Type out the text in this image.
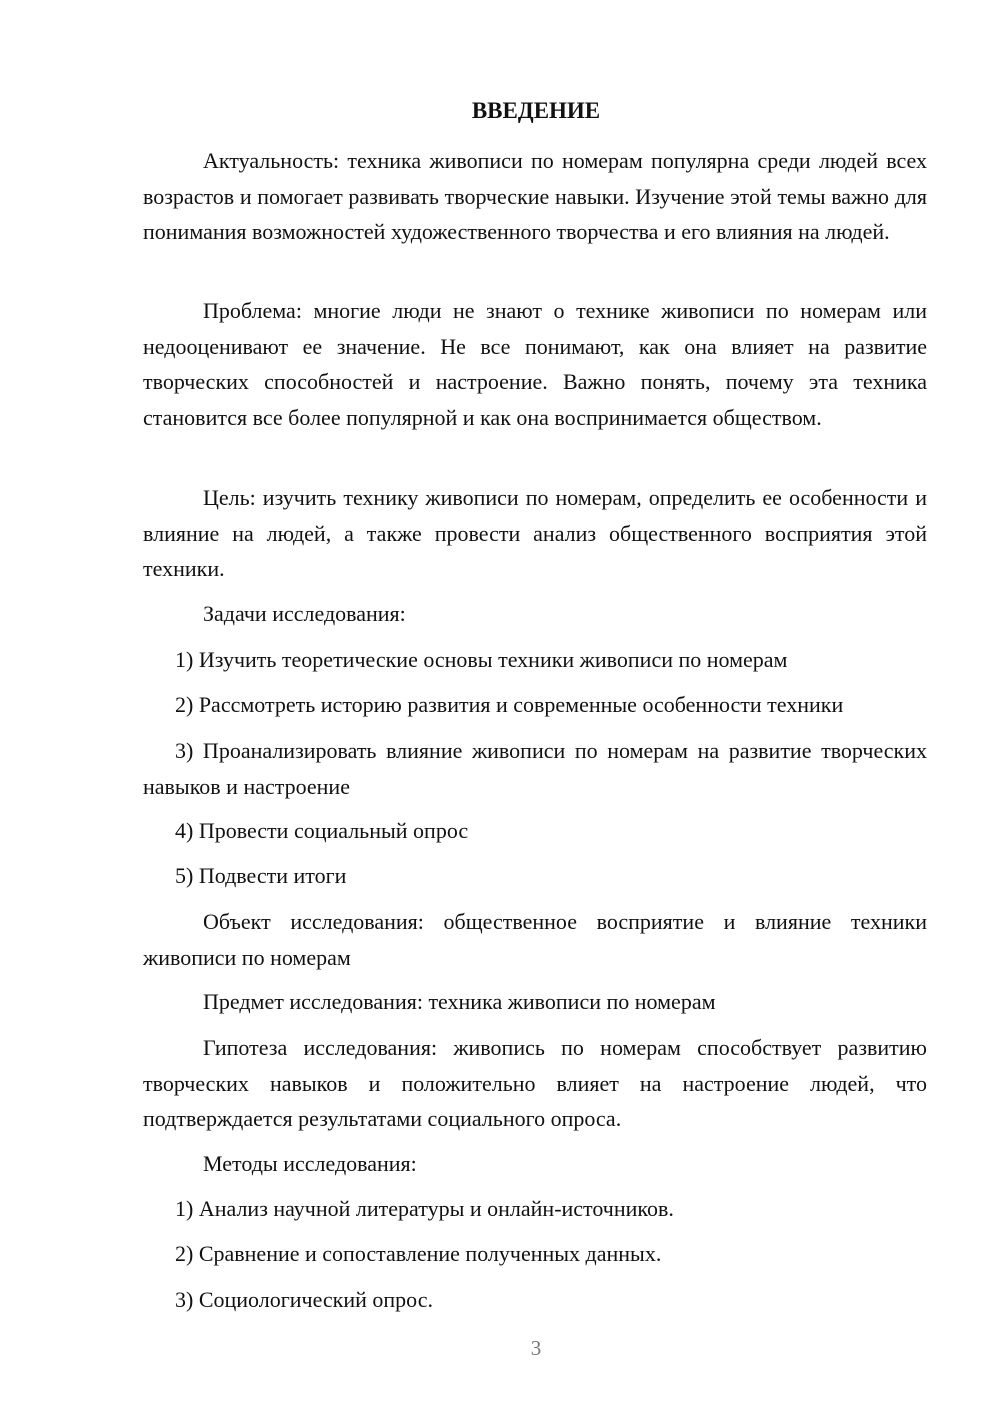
ВВЕДЕНИЕ

Актуальность: техника живописи по номерам популярна среди людей всех возрастов и помогает развивать творческие навыки. Изучение этой темы важно для понимания возможностей художественного творчества и его влияния на людей.

Проблема: многие люди не знают о технике живописи по номерам или недооценивают ее значение. Не все понимают, как она влияет на развитие творческих способностей и настроение. Важно понять, почему эта техника становится все более популярной и как она воспринимается обществом.

Цель: изучить технику живописи по номерам, определить ее особенности и влияние на людей, а также провести анализ общественного восприятия этой техники.

Задачи исследования:

1) Изучить теоретические основы техники живописи по номерам

2) Рассмотреть историю развития и современные особенности техники

3) Проанализировать влияние живописи по номерам на развитие творческих навыков и настроение

4) Провести социальный опрос

5) Подвести итоги

Объект исследования: общественное восприятие и влияние техники живописи по номерам

Предмет исследования: техника живописи по номерам

Гипотеза исследования: живопись по номерам способствует развитию творческих навыков и положительно влияет на настроение людей, что подтверждается результатами социального опроса.

Методы исследования:

1) Анализ научной литературы и онлайн-источников.

2) Сравнение и сопоставление полученных данных.

3) Социологический опрос.

3
